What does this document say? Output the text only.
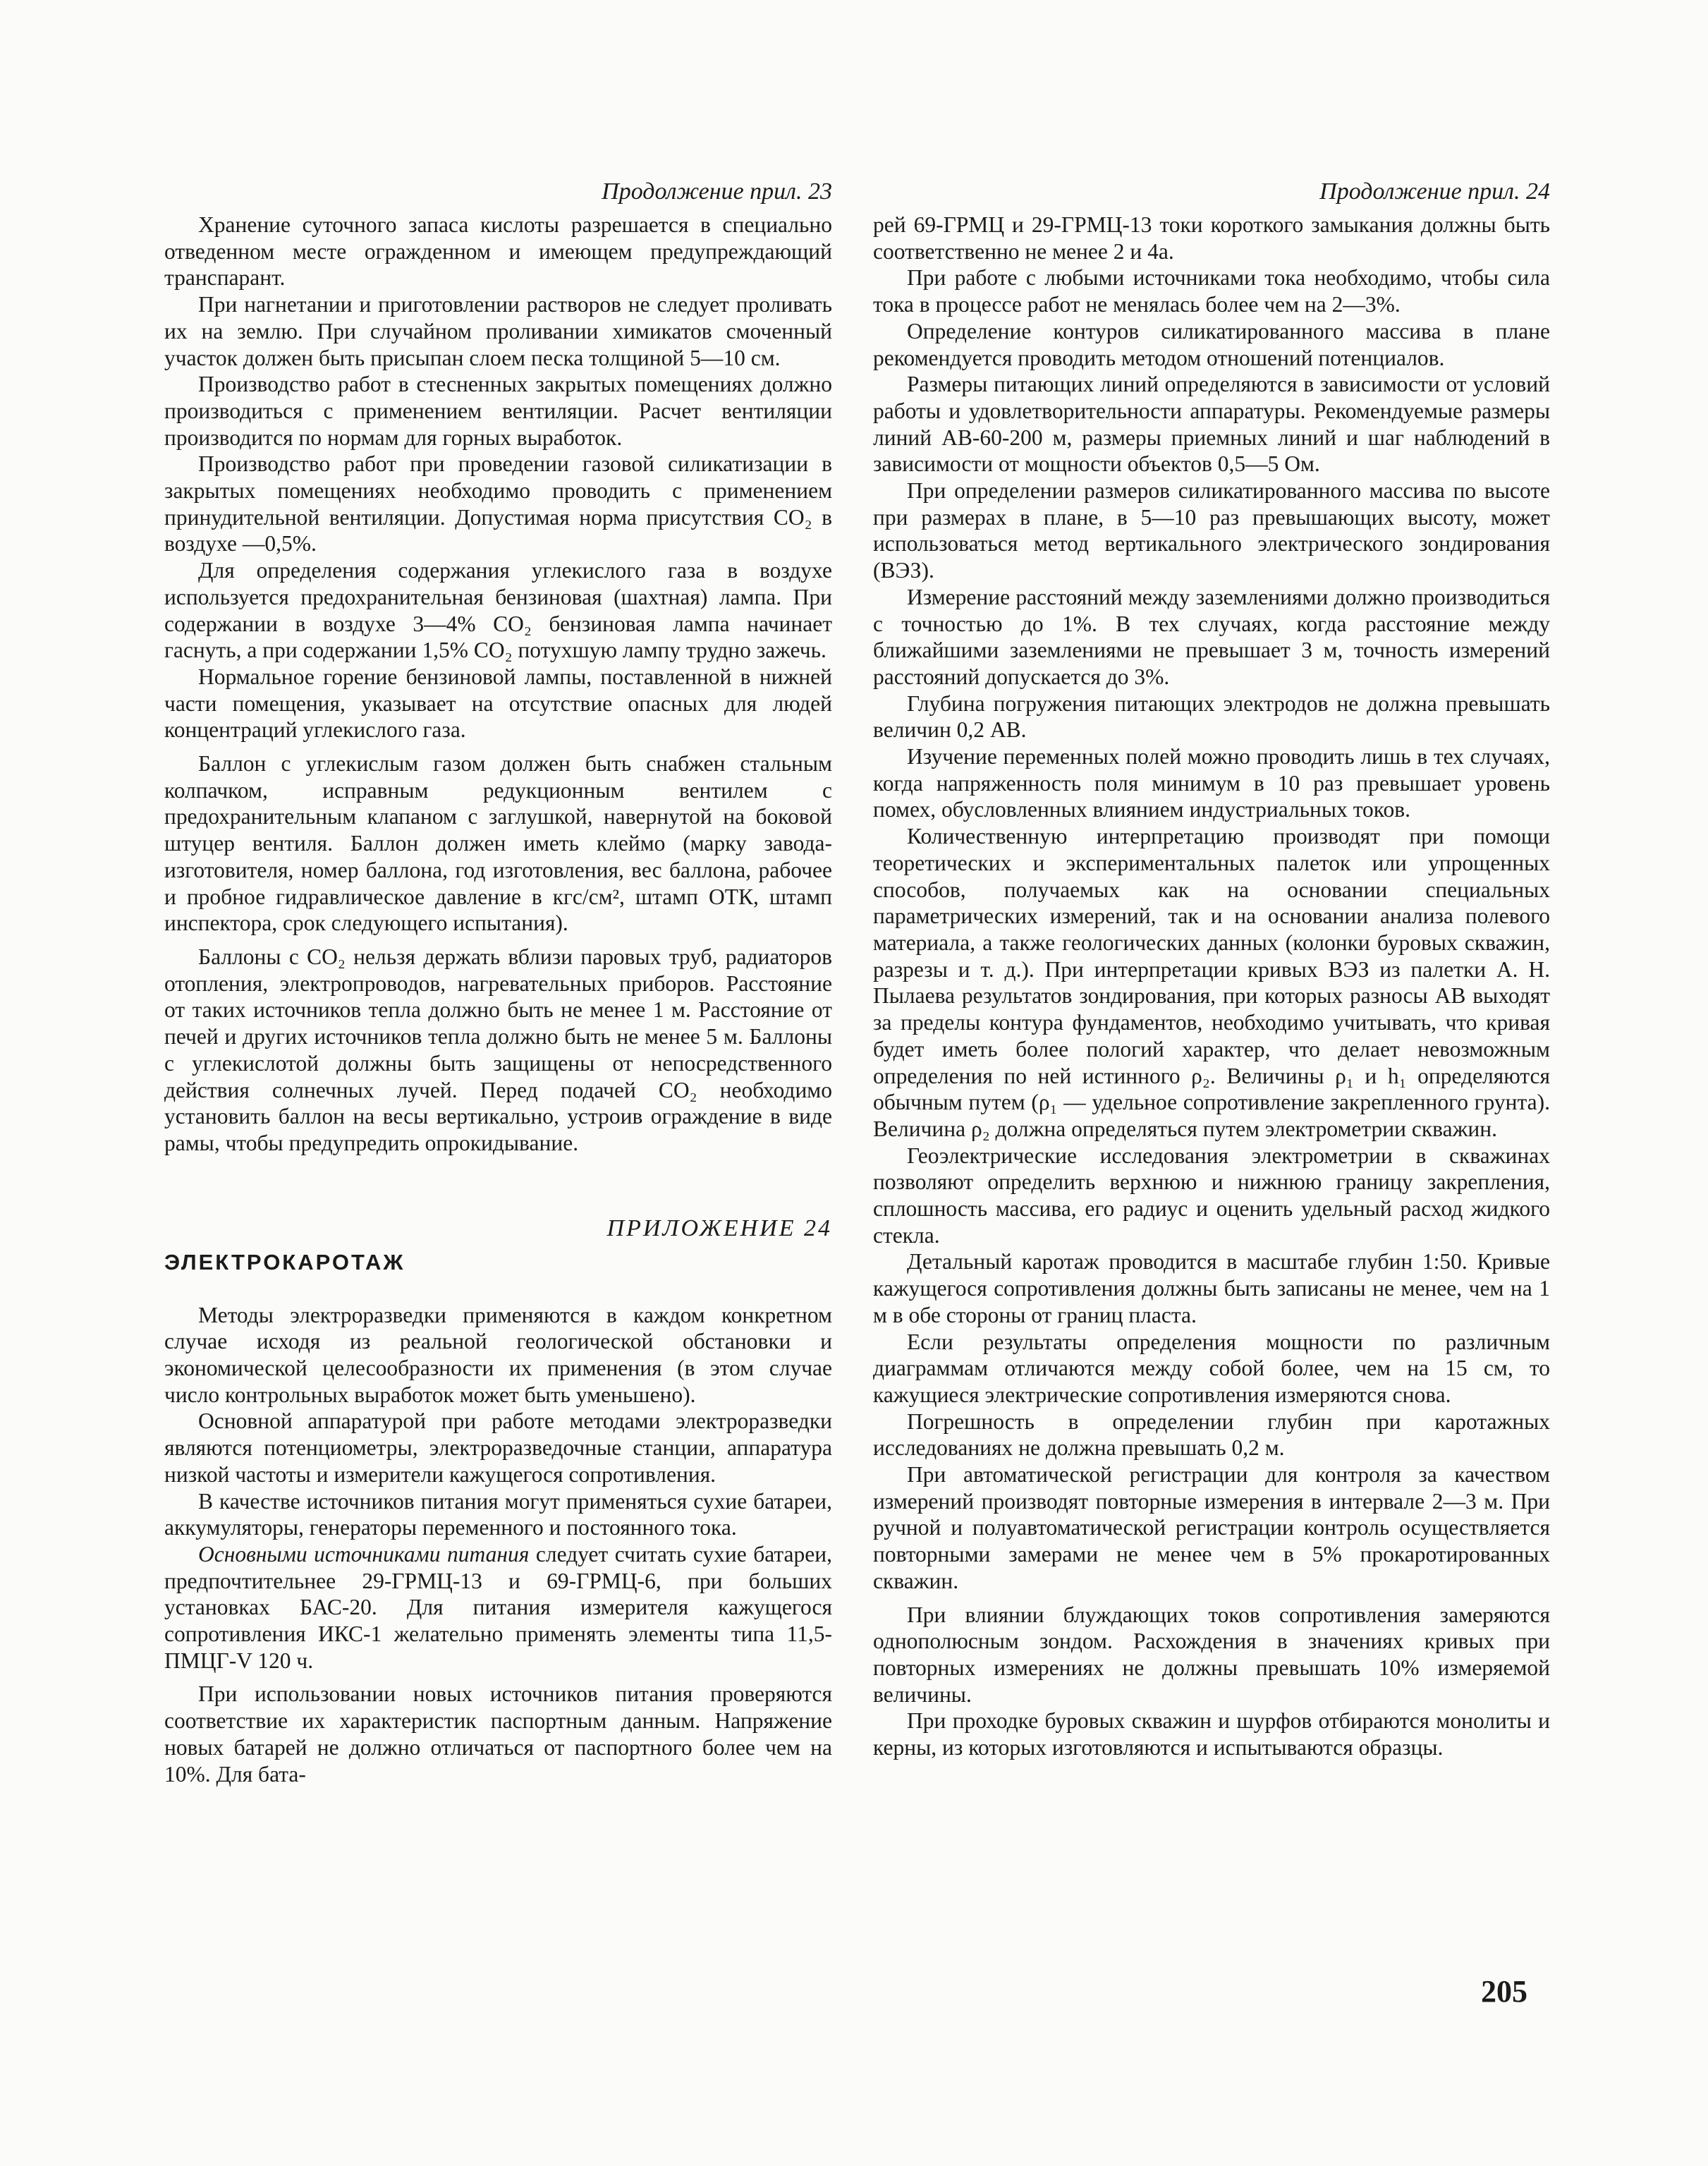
Продолжение прил. 23	Продолжение прил. 24

Хранение суточного запаса кислоты разрешается в специально отведенном месте огражденном и имеющем предупреждающий транспарант.

При нагнетании и приготовлении растворов не следует проливать их на землю. При случайном проливании химикатов смоченный участок должен быть присыпан слоем песка толщиной 5—10 см.

Производство работ в стесненных закрытых помещениях должно производиться с применением вентиляции. Расчет вентиляции производится по нормам для горных выработок.

Производство работ при проведении газовой силикатизации в закрытых помещениях необходимо проводить с применением принудительной вентиляции. Допустимая норма присутствия CO₂ в воздухе —0,5%.

Для определения содержания углекислого газа в воздухе используется предохранительная бензиновая (шахтная) лампа. При содержании в воздухе 3—4% CO₂ бензиновая лампа начинает гаснуть, а при содержании 1,5% CO₂ потухшую лампу трудно зажечь.

Нормальное горение бензиновой лампы, поставленной в нижней части помещения, указывает на отсутствие опасных для людей концентраций углекислого газа.

Баллон с углекислым газом должен быть снабжен стальным колпачком, исправным редукционным вентилем с предохранительным клапаном с заглушкой, навернутой на боковой штуцер вентиля. Баллон должен иметь клеймо (марку завода-изготовителя, номер баллона, год изготовления, вес баллона, рабочее и пробное гидравлическое давление в кгс/см², штамп ОТК, штамп инспектора, срок следующего испытания).

Баллоны с CO₂ нельзя держать вблизи паровых труб, радиаторов отопления, электропроводов, нагревательных приборов. Расстояние от таких источников тепла должно быть не менее 1 м. Расстояние от печей и других источников тепла должно быть не менее 5 м. Баллоны с углекислотой должны быть защищены от непосредственного действия солнечных лучей. Перед подачей CO₂ необходимо установить баллон на весы вертикально, устроив ограждение в виде рамы, чтобы предупредить опрокидывание.

ПРИЛОЖЕНИЕ 24
ЭЛЕКТРОКАРОТАЖ

Методы электроразведки применяются в каждом конкретном случае исходя из реальной геологической обстановки и экономической целесообразности их применения (в этом случае число контрольных выработок может быть уменьшено).

Основной аппаратурой при работе методами электроразведки являются потенциометры, электроразведочные станции, аппаратура низкой частоты и измерители кажущегося сопротивления.

В качестве источников питания могут применяться сухие батареи, аккумуляторы, генераторы переменного и постоянного тока.

Основными источниками питания следует считать сухие батареи, предпочтительнее 29-ГРМЦ-13 и 69-ГРМЦ-6, при больших установках БАС-20. Для питания измерителя кажущегося сопротивления ИКС-1 желательно применять элементы типа 11,5-ПМЦГ-V 120 ч.

При использовании новых источников питания проверяются соответствие их характеристик паспортным данным. Напряжение новых батарей не должно отличаться от паспортного более чем на 10%. Для бата-

рей 69-ГРМЦ и 29-ГРМЦ-13 токи короткого замыкания должны быть соответственно не менее 2 и 4а.

При работе с любыми источниками тока необходимо, чтобы сила тока в процессе работ не менялась более чем на 2—3%.

Определение контуров силикатированного массива в плане рекомендуется проводить методом отношений потенциалов.

Размеры питающих линий определяются в зависимости от условий работы и удовлетворительности аппаратуры. Рекомендуемые размеры линий AB-60-200 м, размеры приемных линий и шаг наблюдений в зависимости от мощности объектов 0,5—5 Ом.

При определении размеров силикатированного массива по высоте при размерах в плане, в 5—10 раз превышающих высоту, может использоваться метод вертикального электрического зондирования (ВЭЗ).

Измерение расстояний между заземлениями должно производиться с точностью до 1%. В тех случаях, когда расстояние между ближайшими заземлениями не превышает 3 м, точность измерений расстояний допускается до 3%.

Глубина погружения питающих электродов не должна превышать величин 0,2 AB.

Изучение переменных полей можно проводить лишь в тех случаях, когда напряженность поля минимум в 10 раз превышает уровень помех, обусловленных влиянием индустриальных токов.

Количественную интерпретацию производят при помощи теоретических и экспериментальных палеток или упрощенных способов, получаемых как на основании специальных параметрических измерений, так и на основании анализа полевого материала, а также геологических данных (колонки буровых скважин, разрезы и т. д.). При интерпретации кривых ВЭЗ из палетки А. Н. Пылаева результатов зондирования, при которых разносы AB выходят за пределы контура фундаментов, необходимо учитывать, что кривая будет иметь более пологий характер, что делает невозможным определения по ней истинного ρ₂. Величины ρ₁ и h₁ определяются обычным путем (ρ₁ — удельное сопротивление закрепленного грунта). Величина ρ₂ должна определяться путем электрометрии скважин.

Геоэлектрические исследования электрометрии в скважинах позволяют определить верхнюю и нижнюю границу закрепления, сплошность массива, его радиус и оценить удельный расход жидкого стекла.

Детальный каротаж проводится в масштабе глубин 1:50. Кривые кажущегося сопротивления должны быть записаны не менее, чем на 1 м в обе стороны от границ пласта.

Если результаты определения мощности по различным диаграммам отличаются между собой более, чем на 15 см, то кажущиеся электрические сопротивления измеряются снова.

Погрешность в определении глубин при каротажных исследованиях не должна превышать 0,2 м.

При автоматической регистрации для контроля за качеством измерений производят повторные измерения в интервале 2—3 м. При ручной и полуавтоматической регистрации контроль осуществляется повторными замерами не менее чем в 5% прокаротированных скважин.

При влиянии блуждающих токов сопротивления замеряются однополюсным зондом. Расхождения в значениях кривых при повторных измерениях не должны превышать 10% измеряемой величины.

При проходке буровых скважин и шурфов отбираются монолиты и керны, из которых изготовляются и испытываются образцы.

205
